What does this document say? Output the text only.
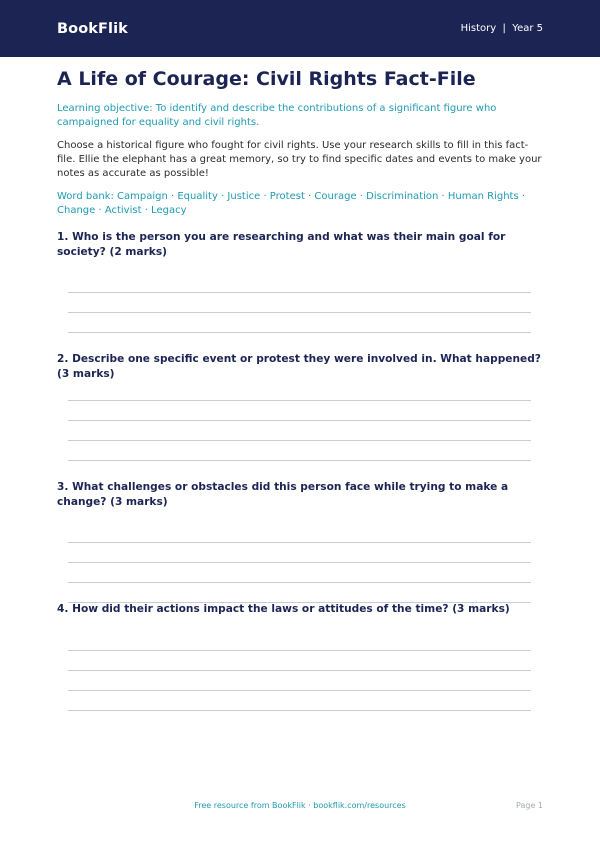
BookFlik	History  |  Year 5
A Life of Courage: Civil Rights Fact-File

Learning objective: To identify and describe the contributions of a significant figure who campaigned for equality and civil rights.

Choose a historical figure who fought for civil rights. Use your research skills to fill in this fact-file. Ellie the elephant has a great memory, so try to find specific dates and events to make your notes as accurate as possible!

Word bank: Campaign · Equality · Justice · Protest · Courage · Discrimination · Human Rights · Change · Activist · Legacy

1. Who is the person you are researching and what was their main goal for society? (2 marks)

2. Describe one specific event or protest they were involved in. What happened? (3 marks)

3. What challenges or obstacles did this person face while trying to make a change? (3 marks)

4. How did their actions impact the laws or attitudes of the time? (3 marks)

Free resource from BookFlik · bookflik.com/resources	Page 1
